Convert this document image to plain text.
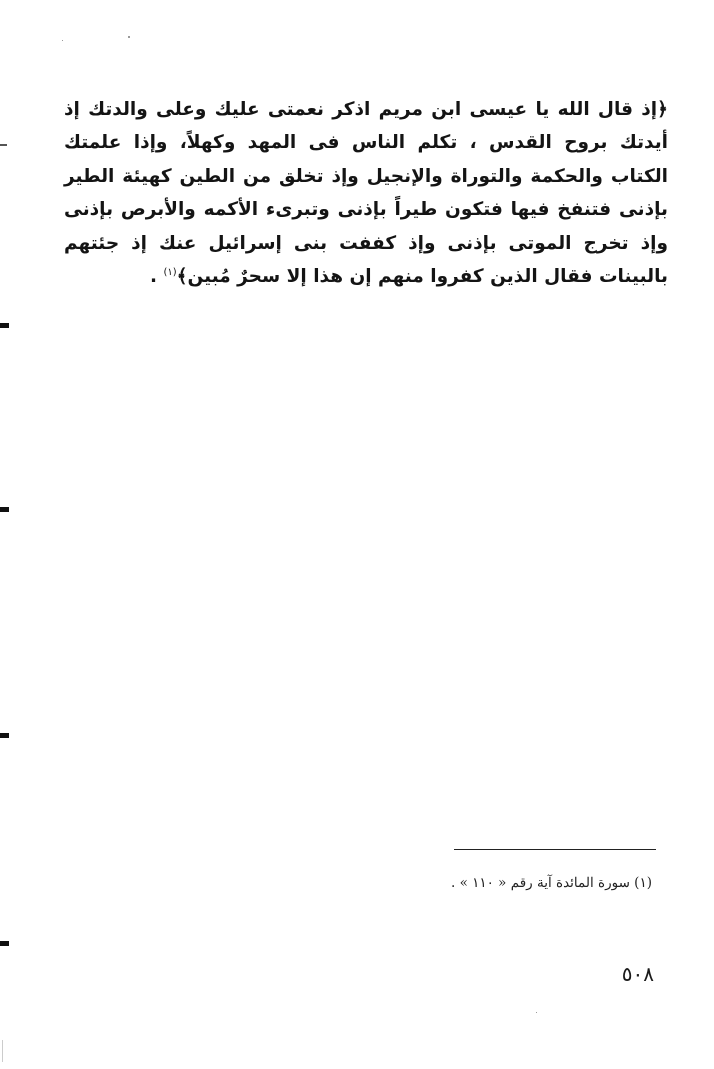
﴿إذ قال الله يا عيسى ابن مريم اذكر نعمتى عليك وعلى والدتك إذ أيدتك بروح القدس ، تكلم الناس فى المهد وكهلاً، وإذا علمتك الكتاب والحكمة والتوراة والإنجيل وإذ تخلق من الطين كهيئة الطير بإذنى فتنفخ فيها فتكون طيراً بإذنى وتبرىء الأكمه والأبرص بإذنى وإذ تخرج الموتى بإذنى وإذ كففت بنى إسرائيل عنك إذ جئتهم بالبينات فقال الذين كفروا منهم إن هذا إلا سحرٌ مُبين﴾$^{(١)}$ .

(١) سورة المائدة آية رقم « ١١٠ » .
٥٠٨
